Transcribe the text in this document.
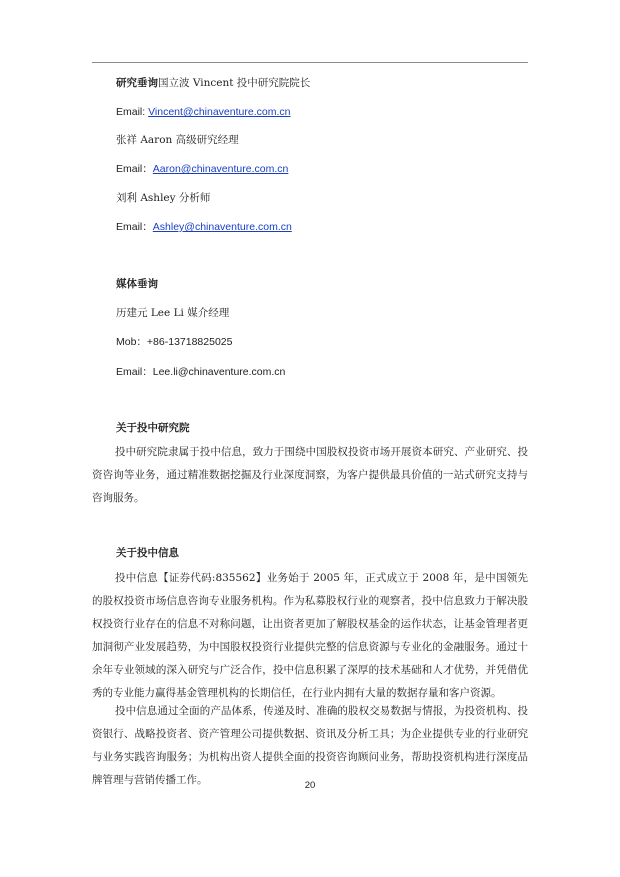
研究垂询国立波 Vincent 投中研究院院长
Email: Vincent@chinaventure.com.cn
张祥 Aaron 高级研究经理
Email：Aaron@chinaventure.com.cn
刘利 Ashley 分析师
Email：Ashley@chinaventure.com.cn
媒体垂询
历建元 Lee Li 媒介经理
Mob：+86-13718825025
Email：Lee.li@chinaventure.com.cn
关于投中研究院

投中研究院隶属于投中信息，致力于围绕中国股权投资市场开展资本研究、产业研究、投资咨询等业务，通过精准数据挖掘及行业深度洞察，为客户提供最具价值的一站式研究支持与咨询服务。

关于投中信息

投中信息【证券代码:835562】业务始于 2005 年，正式成立于 2008 年，是中国领先的股权投资市场信息咨询专业服务机构。作为私募股权行业的观察者，投中信息致力于解决股权投资行业存在的信息不对称问题，让出资者更加了解股权基金的运作状态，让基金管理者更加洞彻产业发展趋势，为中国股权投资行业提供完整的信息资源与专业化的金融服务。通过十余年专业领域的深入研究与广泛合作，投中信息积累了深厚的技术基础和人才优势，并凭借优秀的专业能力赢得基金管理机构的长期信任，在行业内拥有大量的数据存量和客户资源。

投中信息通过全面的产品体系，传递及时、准确的股权交易数据与情报，为投资机构、投资银行、战略投资者、资产管理公司提供数据、资讯及分析工具；为企业提供专业的行业研究与业务实践咨询服务；为机构出资人提供全面的投资咨询顾问业务，帮助投资机构进行深度品牌管理与营销传播工作。	20
